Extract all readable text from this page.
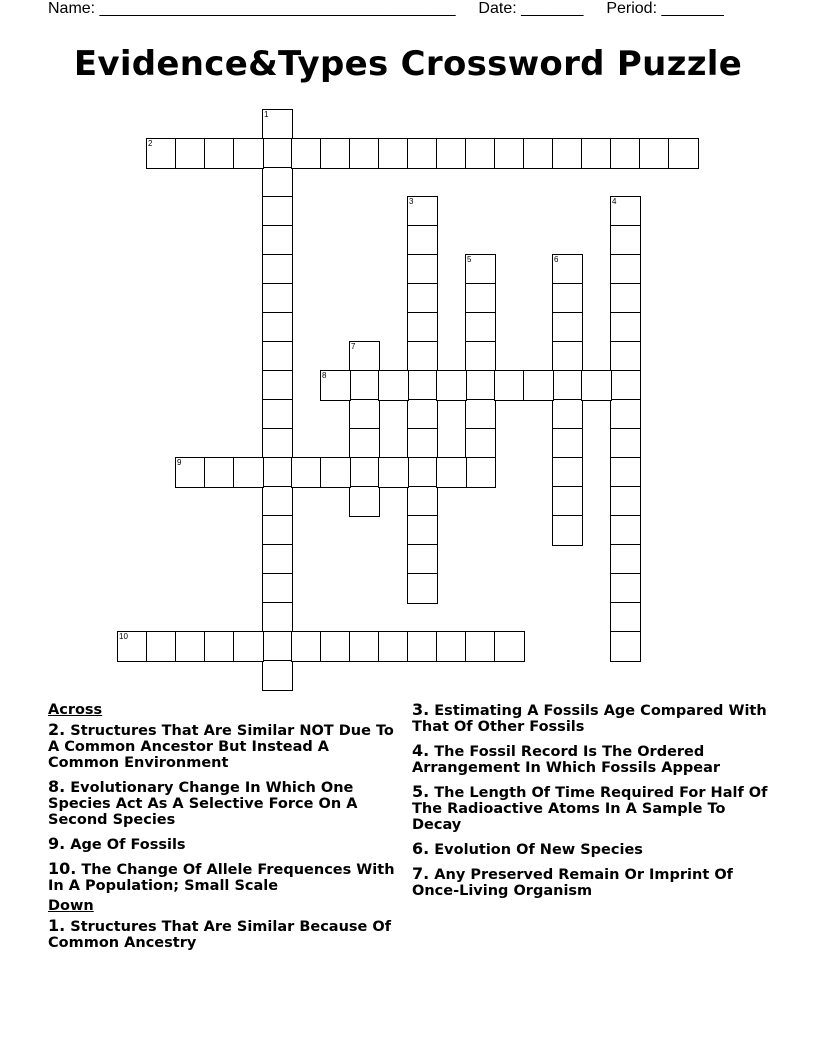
Name: ________________________________________ Date: _______ Period: _______
Evidence&Types Crossword Puzzle
1
2
3	4
5	6
7
8
9
10
Across
2. Structures That Are Similar NOT Due To A Common Ancestor But Instead A Common Environment
8. Evolutionary Change In Which One Species Act As A Selective Force On A Second Species
9. Age Of Fossils
10. The Change Of Allele Frequences With In A Population; Small Scale
Down
1. Structures That Are Similar Because Of Common Ancestry
3. Estimating A Fossils Age Compared With That Of Other Fossils
4. The Fossil Record Is The Ordered Arrangement In Which Fossils Appear
5. The Length Of Time Required For Half Of The Radioactive Atoms In A Sample To Decay
6. Evolution Of New Species
7. Any Preserved Remain Or Imprint Of Once-Living Organism
